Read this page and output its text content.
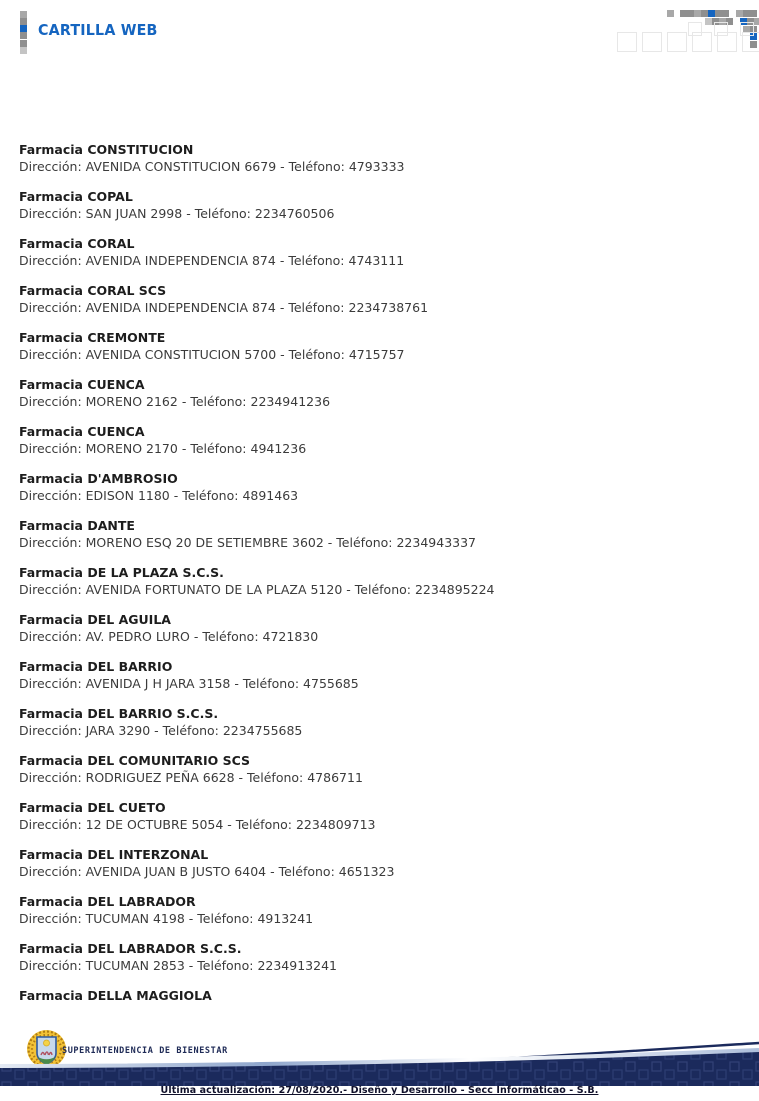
CARTILLA WEB
Farmacia CONSTITUCION
Dirección: AVENIDA CONSTITUCION 6679 - Teléfono: 4793333
Farmacia COPAL
Dirección: SAN JUAN 2998 - Teléfono: 2234760506
Farmacia CORAL
Dirección: AVENIDA INDEPENDENCIA 874 - Teléfono: 4743111
Farmacia CORAL SCS
Dirección: AVENIDA INDEPENDENCIA 874 - Teléfono: 2234738761
Farmacia CREMONTE
Dirección: AVENIDA CONSTITUCION 5700 - Teléfono: 4715757
Farmacia CUENCA
Dirección: MORENO 2162 - Teléfono: 2234941236
Farmacia CUENCA
Dirección: MORENO 2170 - Teléfono: 4941236
Farmacia D'AMBROSIO
Dirección: EDISON 1180 - Teléfono: 4891463
Farmacia DANTE
Dirección: MORENO ESQ 20 DE SETIEMBRE 3602 - Teléfono: 2234943337
Farmacia DE LA PLAZA S.C.S.
Dirección: AVENIDA FORTUNATO DE LA PLAZA 5120 - Teléfono: 2234895224
Farmacia DEL AGUILA
Dirección: AV. PEDRO LURO - Teléfono: 4721830
Farmacia DEL BARRIO
Dirección: AVENIDA J H JARA 3158 - Teléfono: 4755685
Farmacia DEL BARRIO S.C.S.
Dirección: JARA 3290 - Teléfono: 2234755685
Farmacia DEL COMUNITARIO SCS
Dirección: RODRIGUEZ PEÑA 6628 - Teléfono: 4786711
Farmacia DEL CUETO
Dirección: 12 DE OCTUBRE 5054 - Teléfono: 2234809713
Farmacia DEL INTERZONAL
Dirección: AVENIDA JUAN B JUSTO 6404 - Teléfono: 4651323
Farmacia DEL LABRADOR
Dirección: TUCUMAN 4198 - Teléfono: 4913241
Farmacia DEL LABRADOR S.C.S.
Dirección: TUCUMAN 2853 - Teléfono: 2234913241
Farmacia DELLA MAGGIOLA
SUPERINTENDENCIA DE BIENESTAR
Última actualización: 27/08/2020.- Diseño y Desarrollo - Secc Informáticao - S.B.
